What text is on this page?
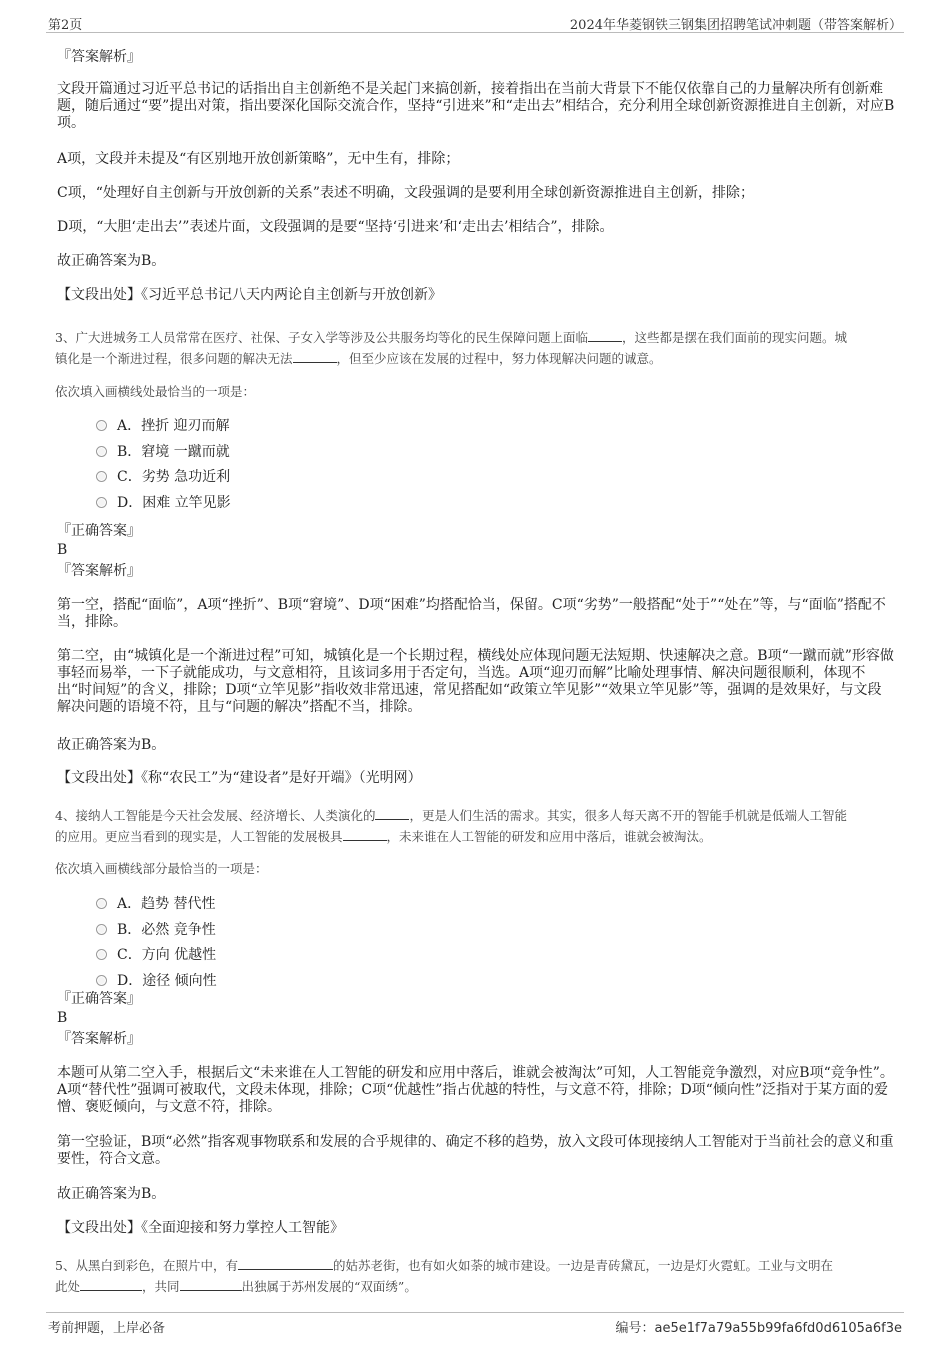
第2页	2024年华菱钢铁三钢集团招聘笔试冲刺题（带答案解析）
『答案解析』
文段开篇通过习近平总书记的话指出自主创新绝不是关起门来搞创新，接着指出在当前大背景下不能仅依靠自己的力量解决所有创新难题，随后通过“要”提出对策，指出要深化国际交流合作，坚持“引进来”和“走出去”相结合，充分利用全球创新资源推进自主创新，对应B项。
A项，文段并未提及“有区别地开放创新策略”，无中生有，排除；
C项，“处理好自主创新与开放创新的关系”表述不明确，文段强调的是要利用全球创新资源推进自主创新，排除；
D项，“大胆‘走出去’”表述片面，文段强调的是要“坚持‘引进来’和‘走出去’相结合”，排除。
故正确答案为B。
【文段出处】《习近平总书记八天内两论自主创新与开放创新》
3、广大进城务工人员常常在医疗、社保、子女入学等涉及公共服务均等化的民生保障问题上面临	，这些都是摆在我们面前的现实问题。城
镇化是一个渐进过程，很多问题的解决无法	，但至少应该在发展的过程中，努力体现解决问题的诚意。
依次填入画横线处最恰当的一项是：
A．挫折 迎刃而解
B．窘境 一蹴而就
C．劣势 急功近利
D．困难 立竿见影
『正确答案』
B
『答案解析』
第一空，搭配“面临”，A项“挫折”、B项“窘境”、D项“困难”均搭配恰当，保留。C项“劣势”一般搭配“处于”“处在”等，与“面临”搭配不当，排除。
第二空，由“城镇化是一个渐进过程”可知，城镇化是一个长期过程，横线处应体现问题无法短期、快速解决之意。B项“一蹴而就”形容做事轻而易举，一下子就能成功，与文意相符，且该词多用于否定句，当选。A项“迎刃而解”比喻处理事情、解决问题很顺利，体现不出“时间短”的含义，排除；D项“立竿见影”指收效非常迅速，常见搭配如“政策立竿见影”“效果立竿见影”等，强调的是效果好，与文段解决问题的语境不符，且与“问题的解决”搭配不当，排除。
故正确答案为B。
【文段出处】《称“农民工”为“建设者”是好开端》（光明网）
4、接纳人工智能是今天社会发展、经济增长、人类演化的	，更是人们生活的需求。其实，很多人每天离不开的智能手机就是低端人工智能
的应用。更应当看到的现实是，人工智能的发展极具	，未来谁在人工智能的研发和应用中落后，谁就会被淘汰。
依次填入画横线部分最恰当的一项是：
A．趋势 替代性
B．必然 竞争性
C．方向 优越性
D．途径 倾向性
『正确答案』
B
『答案解析』
本题可从第二空入手，根据后文“未来谁在人工智能的研发和应用中落后，谁就会被淘汰”可知，人工智能竞争激烈，对应B项“竞争性”。A项“替代性”强调可被取代，文段未体现，排除；C项“优越性”指占优越的特性，与文意不符，排除；D项“倾向性”泛指对于某方面的爱憎、褒贬倾向，与文意不符，排除。
第一空验证，B项“必然”指客观事物联系和发展的合乎规律的、确定不移的趋势，放入文段可体现接纳人工智能对于当前社会的意义和重要性，符合文意。
故正确答案为B。
【文段出处】《全面迎接和努力掌控人工智能》
5、从黑白到彩色，在照片中，有	的姑苏老街，也有如火如荼的城市建设。一边是青砖黛瓦，一边是灯火霓虹。工业与文明在
此处	，共同	出独属于苏州发展的“双面绣”。
考前押题，上岸必备	编号：ae5e1f7a79a55b99fa6fd0d6105a6f3e
